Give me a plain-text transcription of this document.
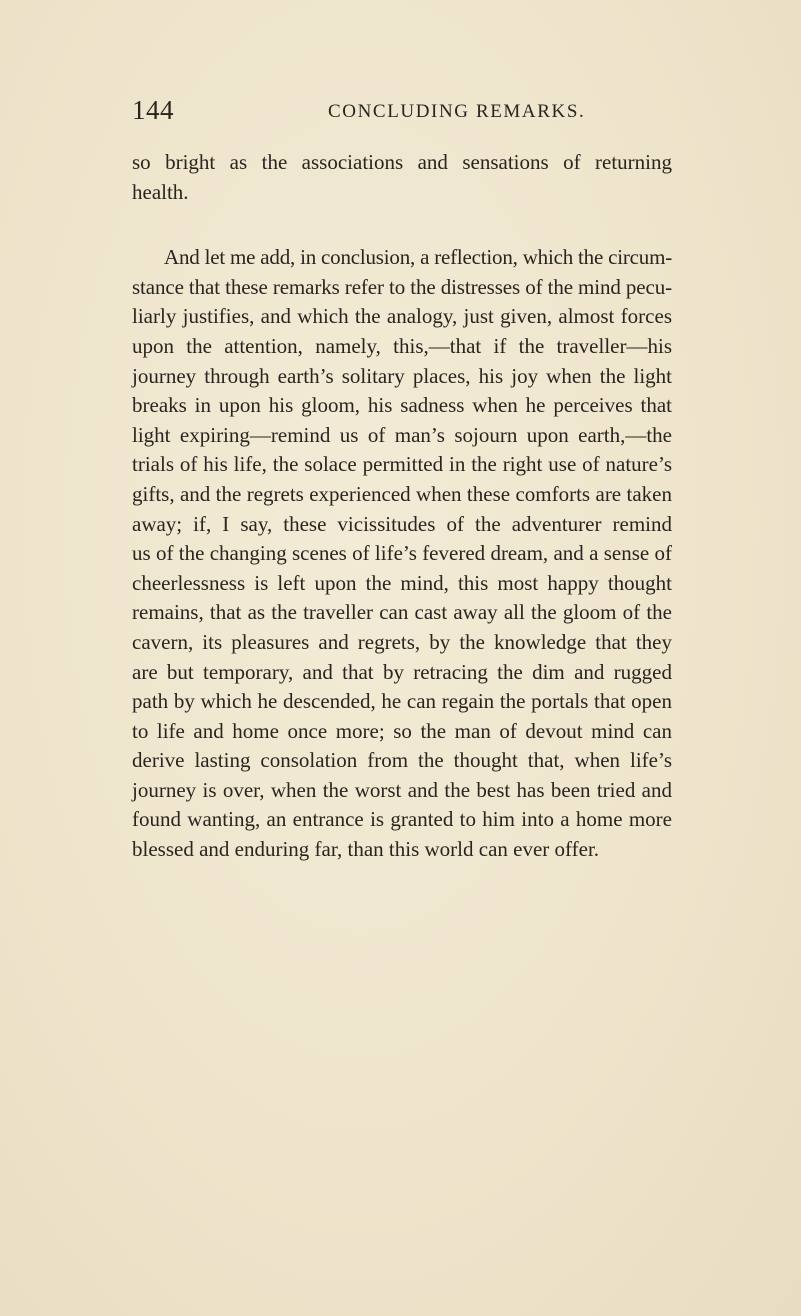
144	CONCLUDING REMARKS.

so bright as the associations and sensations of returning
health.

And let me add, in conclusion, a reflection, which the circum-
stance that these remarks refer to the distresses of the mind pecu-
liarly justifies, and which the analogy, just given, almost forces
upon the attention, namely, this,—that if the traveller—his
journey through earth’s solitary places, his joy when the light
breaks in upon his gloom, his sadness when he perceives that
light expiring—remind us of man’s sojourn upon earth,—the
trials of his life, the solace permitted in the right use of nature’s
gifts, and the regrets experienced when these comforts are taken
away; if, I say, these vicissitudes of the adventurer remind
us of the changing scenes of life’s fevered dream, and a sense of
cheerlessness is left upon the mind, this most happy thought
remains, that as the traveller can cast away all the gloom of the
cavern, its pleasures and regrets, by the knowledge that they
are but temporary, and that by retracing the dim and rugged
path by which he descended, he can regain the portals that open
to life and home once more; so the man of devout mind can
derive lasting consolation from the thought that, when life’s
journey is over, when the worst and the best has been tried and
found wanting, an entrance is granted to him into a home more
blessed and enduring far, than this world can ever offer.
